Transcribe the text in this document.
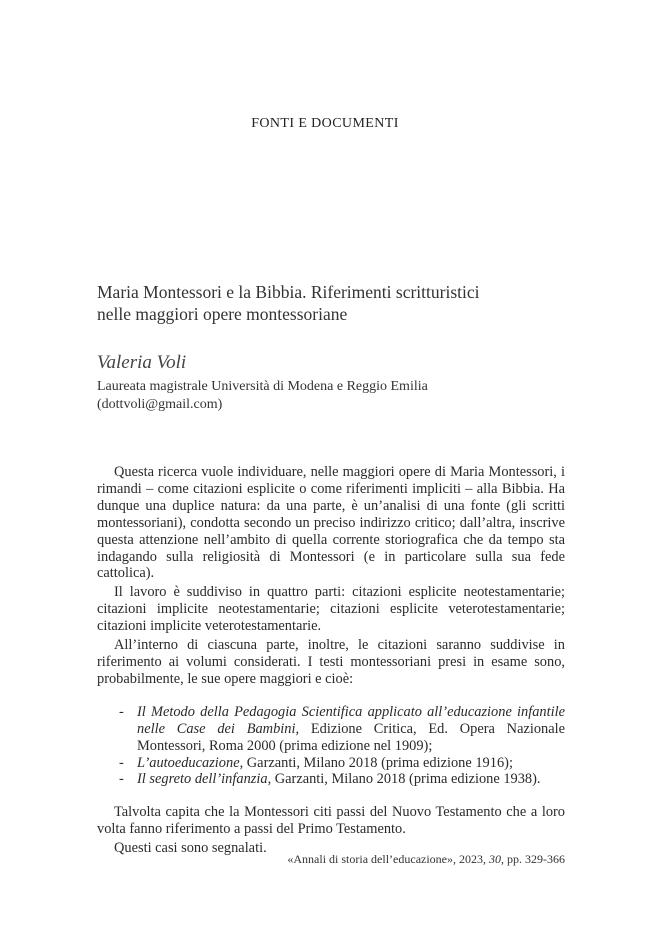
FONTI E DOCUMENTI
Maria Montessori e la Bibbia. Riferimenti scritturistici
nelle maggiori opere montessoriane
Valeria Voli
Laureata magistrale Università di Modena e Reggio Emilia
(dottvoli@gmail.com)

Questa ricerca vuole individuare, nelle maggiori opere di Maria Montessori, i rimandi – come citazioni esplicite o come riferimenti impliciti – alla Bibbia. Ha dunque una duplice natura: da una parte, è un’analisi di una fonte (gli scritti montessoriani), condotta secondo un preciso indirizzo critico; dall’altra, inscrive questa attenzione nell’ambito di quella corrente storiografica che da tempo sta indagando sulla religiosità di Montessori (e in particolare sulla sua fede cattolica).

Il lavoro è suddiviso in quattro parti: citazioni esplicite neotestamentarie; citazioni implicite neotestamentarie; citazioni esplicite veterotestamentarie; citazioni implicite veterotestamentarie.

All’interno di ciascuna parte, inoltre, le citazioni saranno suddivise in riferimento ai volumi considerati. I testi montessoriani presi in esame sono, probabilmente, le sue opere maggiori e cioè:

- Il Metodo della Pedagogia Scientifica applicato all’educazione infantile nelle Case dei Bambini, Edizione Critica, Ed. Opera Nazionale Montessori, Roma 2000 (prima edizione nel 1909);
- L’autoeducazione, Garzanti, Milano 2018 (prima edizione 1916);
- Il segreto dell’infanzia, Garzanti, Milano 2018 (prima edizione 1938).

Talvolta capita che la Montessori citi passi del Nuovo Testamento che a loro volta fanno riferimento a passi del Primo Testamento.

Questi casi sono segnalati.

«Annali di storia dell’educazione», 2023, 30, pp. 329-366
